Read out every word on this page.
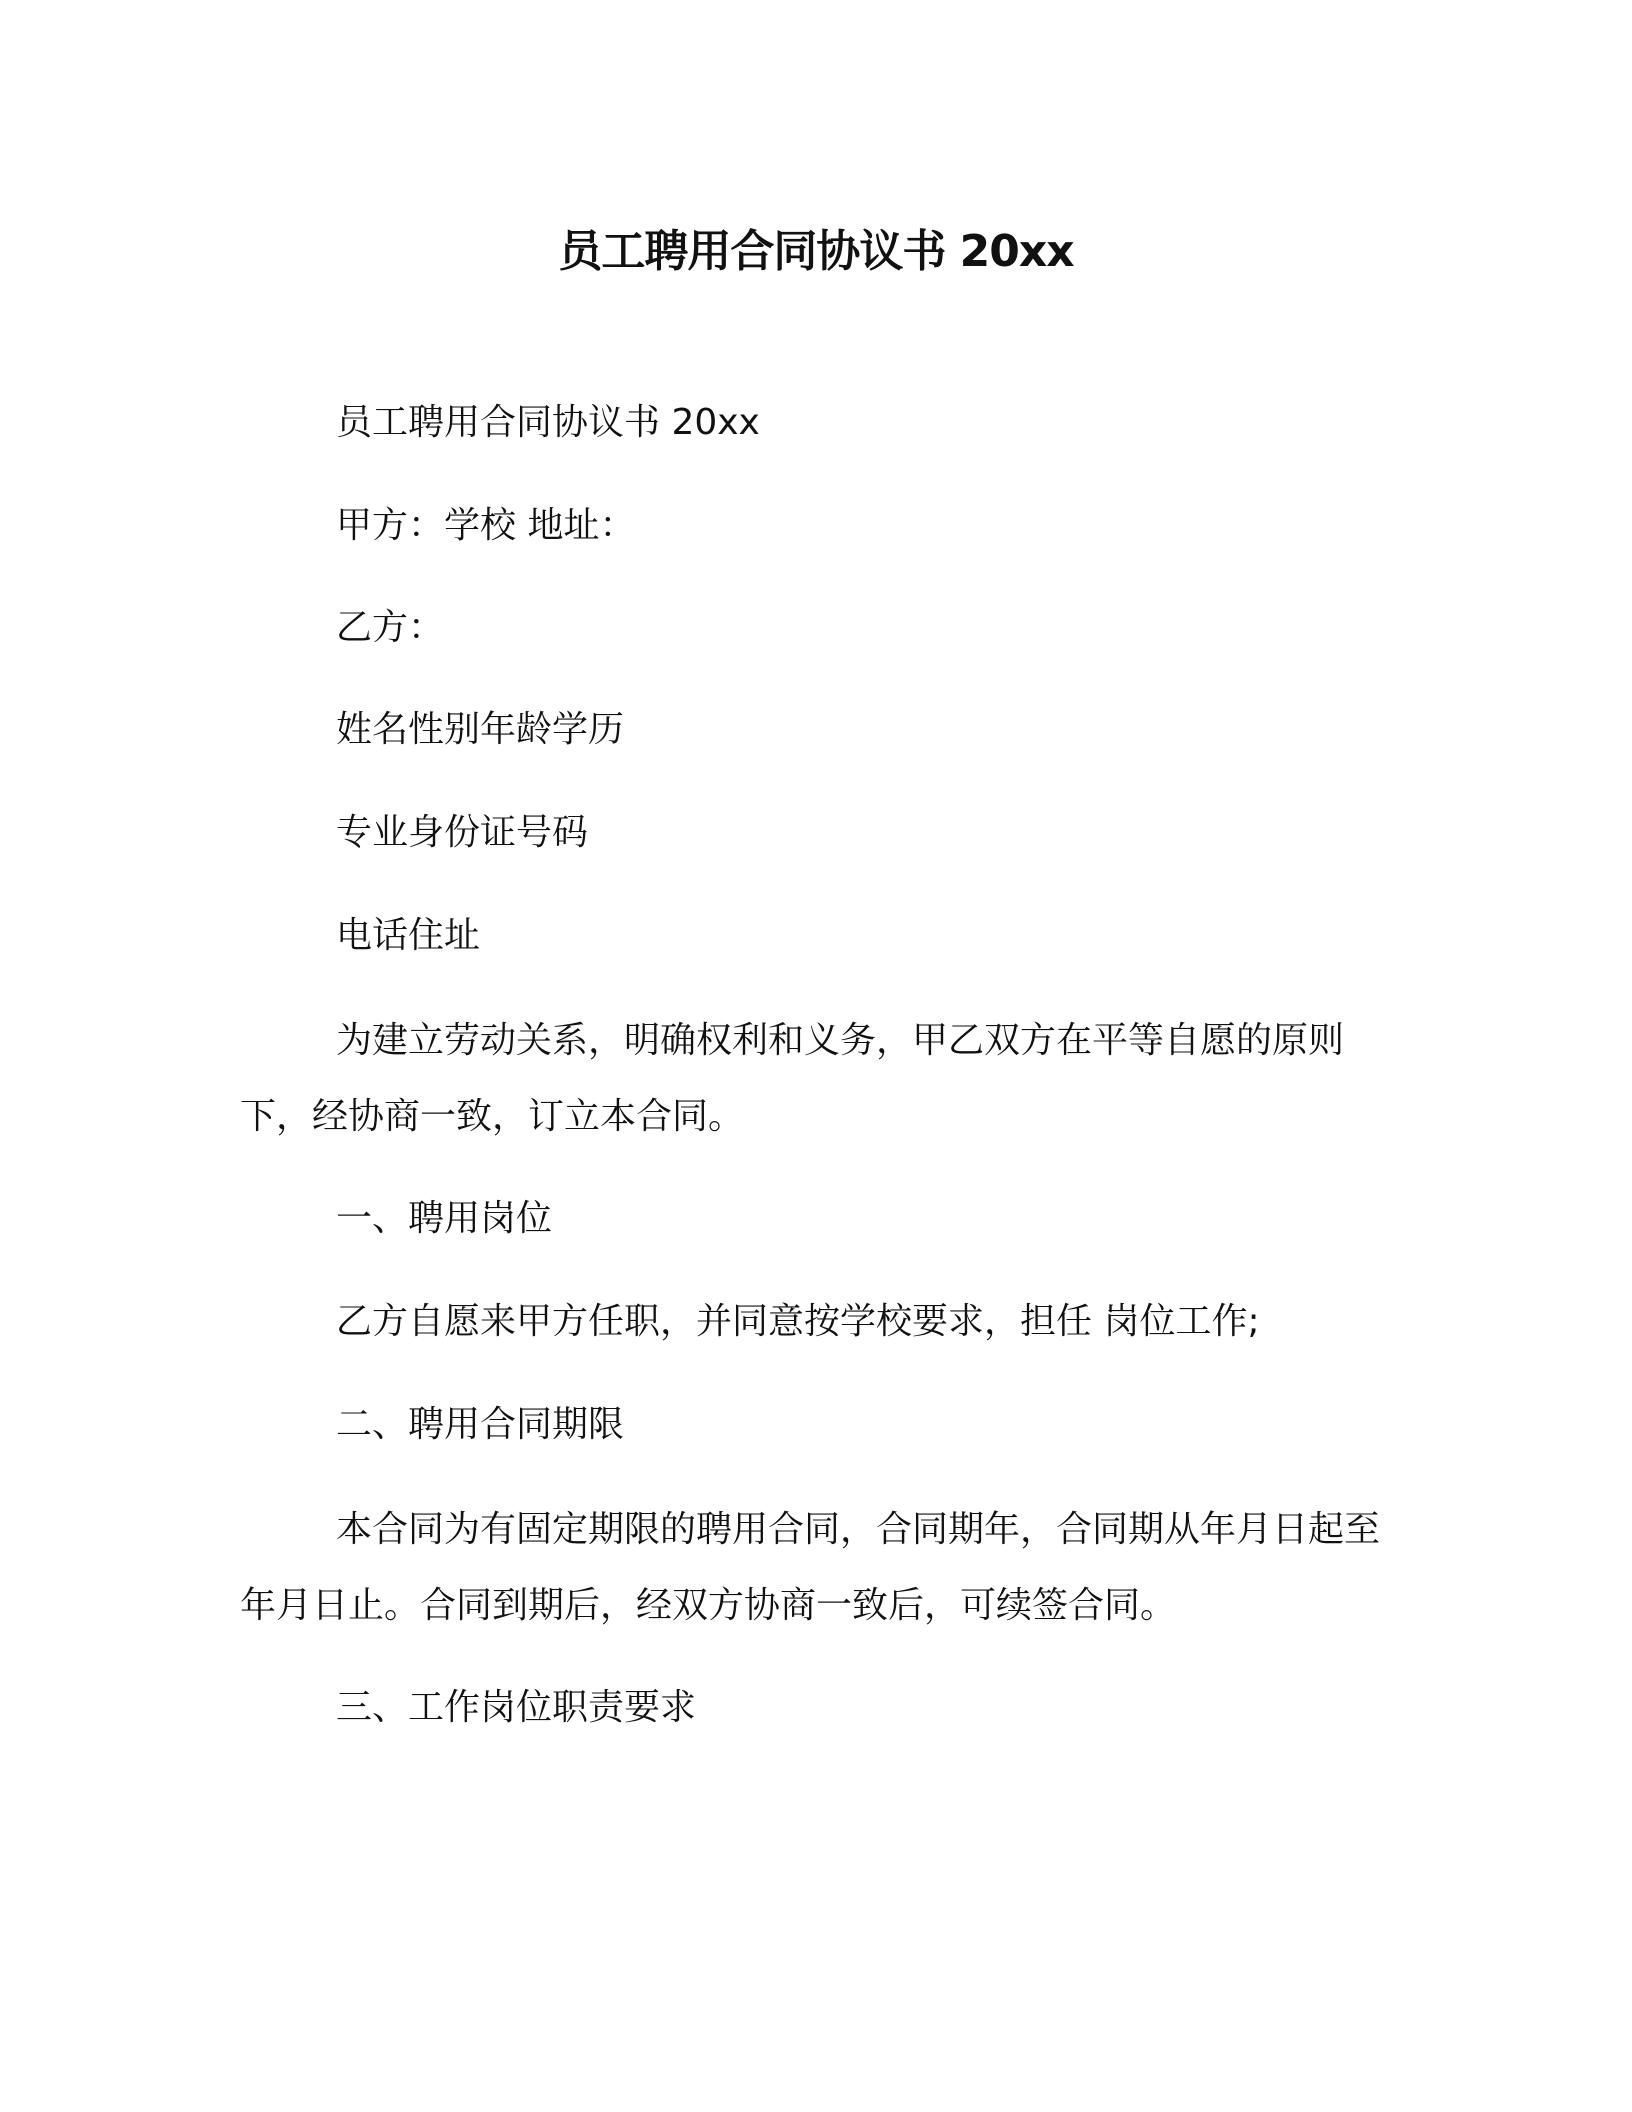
员工聘用合同协议书 20xx
员工聘用合同协议书 20xx
甲方：学校 地址：
乙方：
姓名性别年龄学历
专业身份证号码
电话住址
为建立劳动关系，明确权利和义务，甲乙双方在平等自愿的原则下，经协商一致，订立本合同。
一、聘用岗位
乙方自愿来甲方任职，并同意按学校要求，担任 岗位工作;
二、聘用合同期限
本合同为有固定期限的聘用合同，合同期年，合同期从年月日起至年月日止。合同到期后，经双方协商一致后，可续签合同。
三、工作岗位职责要求
